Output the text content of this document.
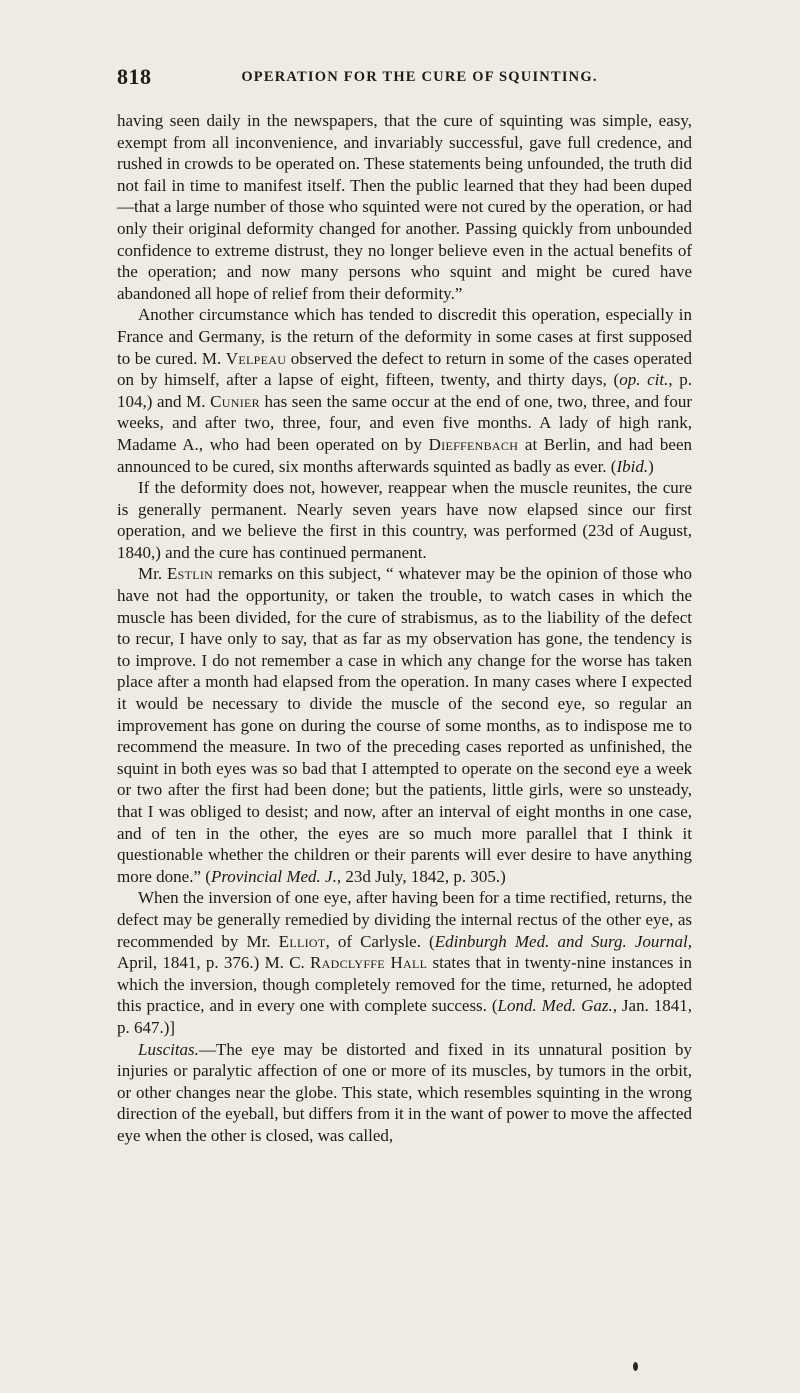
818	OPERATION FOR THE CURE OF SQUINTING.

having seen daily in the newspapers, that the cure of squinting was simple, easy, exempt from all inconvenience, and invariably successful, gave full credence, and rushed in crowds to be operated on. These statements being unfounded, the truth did not fail in time to manifest itself. Then the public learned that they had been duped—that a large number of those who squinted were not cured by the operation, or had only their original deformity changed for another. Passing quickly from unbounded confidence to extreme distrust, they no longer believe even in the actual benefits of the operation; and now many persons who squint and might be cured have abandoned all hope of relief from their deformity.”

Another circumstance which has tended to discredit this operation, especially in France and Germany, is the return of the deformity in some cases at first supposed to be cured. M. Velpeau observed the defect to return in some of the cases operated on by himself, after a lapse of eight, fifteen, twenty, and thirty days, (op. cit., p. 104,) and M. Cunier has seen the same occur at the end of one, two, three, and four weeks, and after two, three, four, and even five months. A lady of high rank, Madame A., who had been operated on by Dieffenbach at Berlin, and had been announced to be cured, six months afterwards squinted as badly as ever. (Ibid.)

If the deformity does not, however, reappear when the muscle reunites, the cure is generally permanent. Nearly seven years have now elapsed since our first operation, and we believe the first in this country, was performed (23d of August, 1840,) and the cure has continued permanent.

Mr. Estlin remarks on this subject, “ whatever may be the opinion of those who have not had the opportunity, or taken the trouble, to watch cases in which the muscle has been divided, for the cure of strabismus, as to the liability of the defect to recur, I have only to say, that as far as my observation has gone, the tendency is to improve. I do not remember a case in which any change for the worse has taken place after a month had elapsed from the operation. In many cases where I expected it would be necessary to divide the muscle of the second eye, so regular an improvement has gone on during the course of some months, as to indispose me to recommend the measure. In two of the preceding cases reported as unfinished, the squint in both eyes was so bad that I attempted to operate on the second eye a week or two after the first had been done; but the patients, little girls, were so unsteady, that I was obliged to desist; and now, after an interval of eight months in one case, and of ten in the other, the eyes are so much more parallel that I think it questionable whether the children or their parents will ever desire to have anything more done.” (Provincial Med. J., 23d July, 1842, p. 305.)

When the inversion of one eye, after having been for a time rectified, returns, the defect may be generally remedied by dividing the internal rectus of the other eye, as recommended by Mr. Elliot, of Carlysle. (Edinburgh Med. and Surg. Journal, April, 1841, p. 376.) M. C. Radclyffe Hall states that in twenty-nine instances in which the inversion, though completely removed for the time, returned, he adopted this practice, and in every one with complete success. (Lond. Med. Gaz., Jan. 1841, p. 647.)]

Luscitas.—The eye may be distorted and fixed in its unnatural position by injuries or paralytic affection of one or more of its muscles, by tumors in the orbit, or other changes near the globe. This state, which resembles squinting in the wrong direction of the eyeball, but differs from it in the want of power to move the affected eye when the other is closed, was called,
